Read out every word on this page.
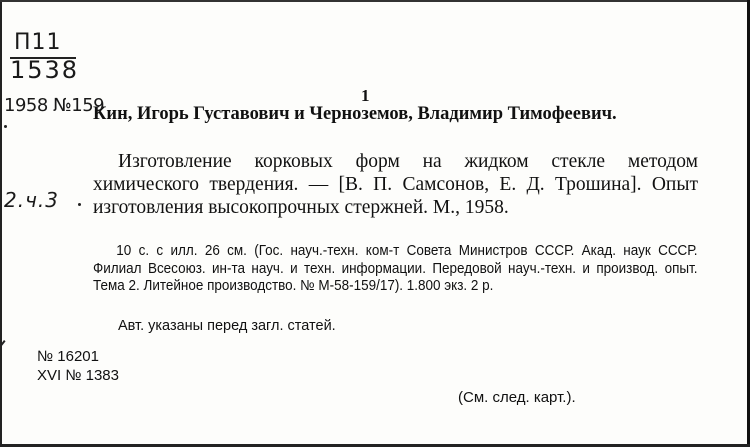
П11
1538
1958 №159
2.ч.3
1
Кин, Игорь Густавович и Черноземов, Владимир Тимофеевич.
Изготовление корковых форм на жидком стекле методом химического твердения. — [В. П. Самсонов, Е. Д. Трошина]. Опыт изготовления высокопрочных стержней. М., 1958.
10 с. с илл. 26 см. (Гос. науч.-техн. ком-т Совета Министров СССР. Акад. наук СССР. Филиал Всесоюз. ин-та науч. и техн. информации. Передовой науч.-техн. и производ. опыт. Тема 2. Литейное производство. № М-58-159/17). 1.800 экз. 2 р.
Авт. указаны перед загл. статей.
№ 16201
XVI № 1383
(См. след. карт.).
